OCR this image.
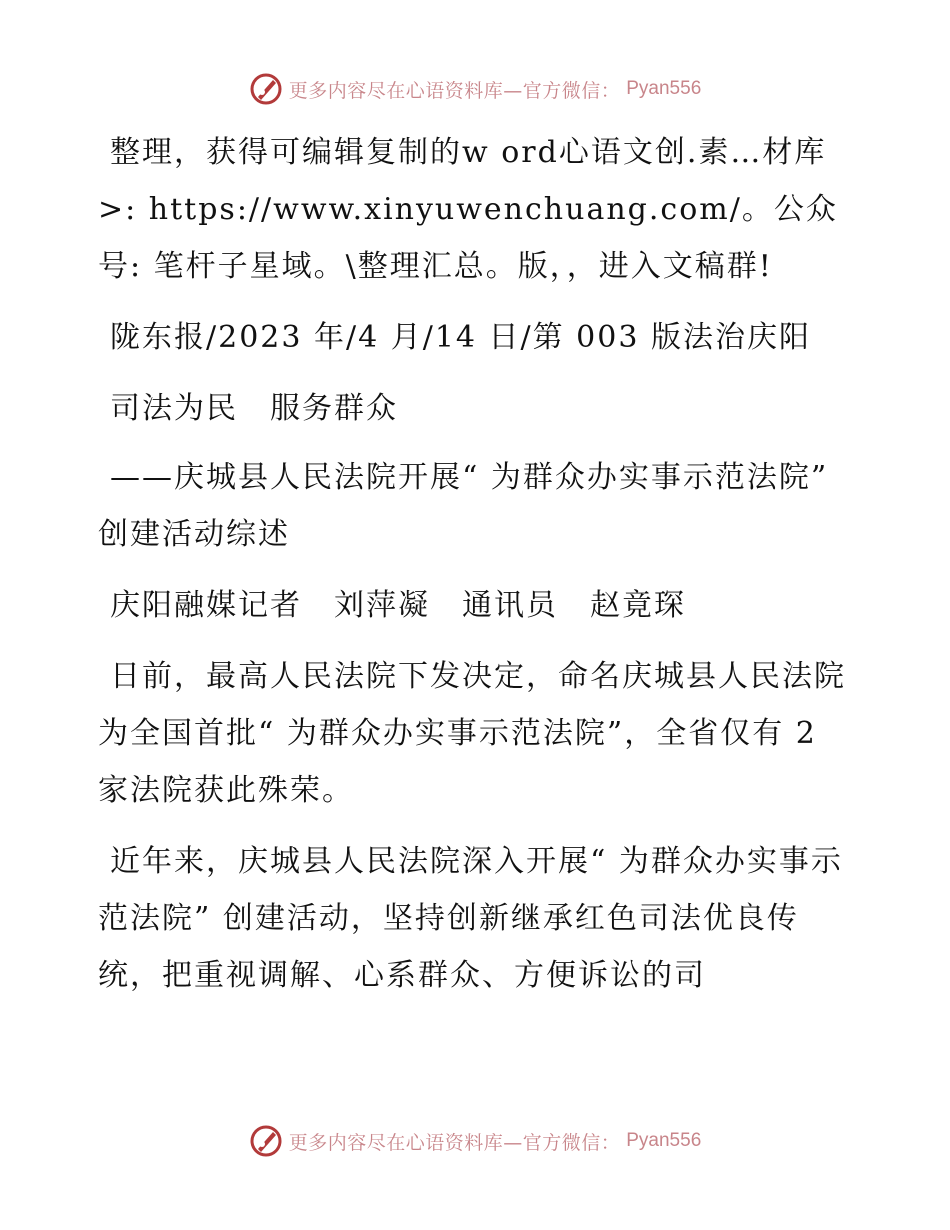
更多内容尽在心语资料库—官方微信： Pyan556

整理，获得可编辑复制的w ord心语文创.素…材库>: https://www.xinyuwenchuang.com/。公众号: 笔杆子星域。\整理汇总。版，，进入文稿群!

陇东报/2023 年/4 月/14 日/第 003 版法治庆阳

司法为民　服务群众

——庆城县人民法院开展“ 为群众办实事示范法院” 创建活动综述

庆阳融媒记者　刘萍凝　通讯员　赵竟琛

日前，最高人民法院下发决定，命名庆城县人民法院为全国首批“ 为群众办实事示范法院”，全省仅有 2 家法院获此殊荣。

近年来，庆城县人民法院深入开展“ 为群众办实事示范法院” 创建活动，坚持创新继承红色司法优良传统，把重视调解、心系群众、方便诉讼的司

更多内容尽在心语资料库—官方微信： Pyan556
